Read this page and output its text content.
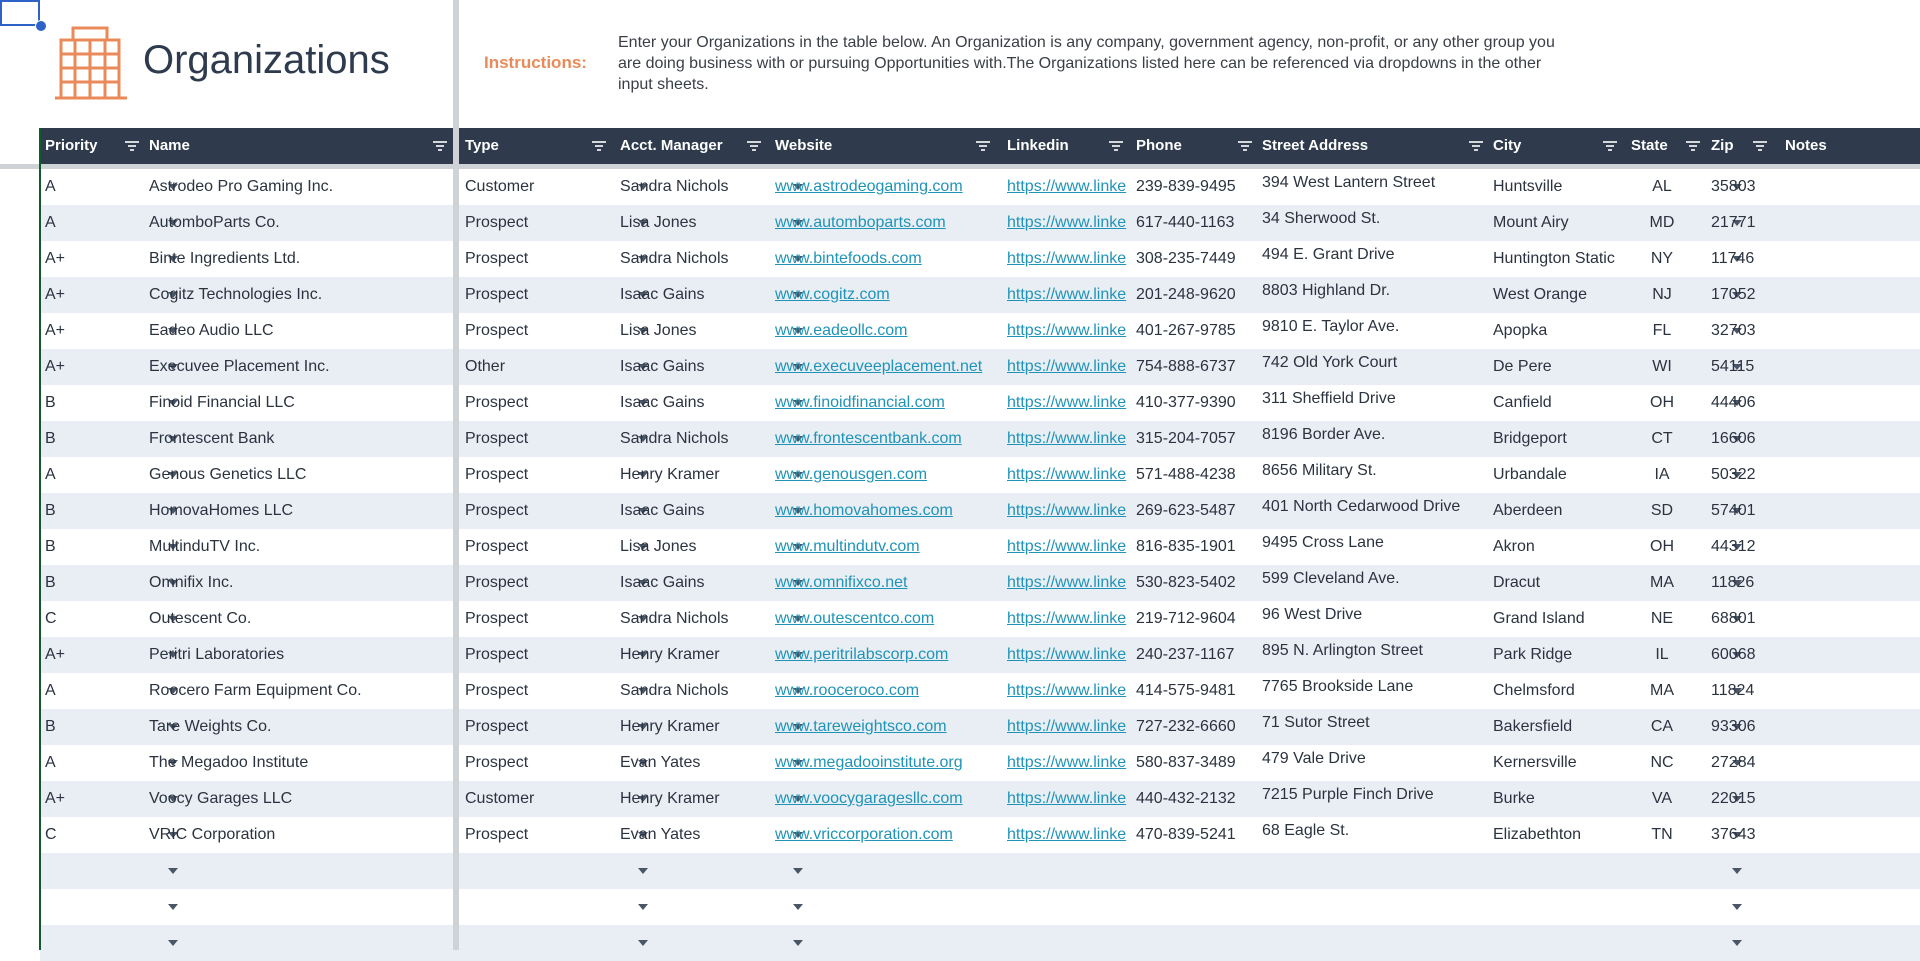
Organizations	Instructions:
Enter your Organizations in the table below. An Organization is any company, government agency, non-profit, or any other group you are doing business with or pursuing Opportunities with.The Organizations listed here can be referenced via dropdowns in the other input sheets.
Priority	Name	Type	Acct. Manager	Website	Linkedin	Phone	Street Address	City	State	Zip	Notes
A	Astrodeo Pro Gaming Inc.	Customer	Sandra Nichols	www.astrodeogaming.com	https://www.linke 239-839-9495	394 West Lantern Street	Huntsville	AL	35803
A	AutomboParts Co.	Prospect	Lisa Jones	www.automboparts.com	https://www.linke 617-440-1163	34 Sherwood St.	Mount Airy	MD	21771
A+	Binte Ingredients Ltd.	Prospect	Sandra Nichols	www.bintefoods.com	https://www.linke 308-235-7449	494 E. Grant Drive	Huntington Static	NY	11746
A+	Cogitz Technologies Inc.	Prospect	Isaac Gains	www.cogitz.com	https://www.linke 201-248-9620	8803 Highland Dr.	West Orange	NJ	17052
A+	Eadeo Audio LLC	Prospect	Lisa Jones	www.eadeollc.com	https://www.linke 401-267-9785	9810 E. Taylor Ave.	Apopka	FL	32703
A+	Execuvee Placement Inc.	Other	Isaac Gains	www.execuveeplacement.net	https://www.linke 754-888-6737	742 Old York Court	De Pere	WI	54115
B	Finoid Financial LLC	Prospect	Isaac Gains	www.finoidfinancial.com	https://www.linke 410-377-9390	311 Sheffield Drive	Canfield	OH	44406
B	Frontescent Bank	Prospect	Sandra Nichols	www.frontescentbank.com	https://www.linke 315-204-7057	8196 Border Ave.	Bridgeport	CT	16606
A	Genous Genetics LLC	Prospect	Henry Kramer	www.genousgen.com	https://www.linke 571-488-4238	8656 Military St.	Urbandale	IA	50322
B	HomovaHomes LLC	Prospect	Isaac Gains	www.homovahomes.com	https://www.linke 269-623-5487	401 North Cedarwood Drive	Aberdeen	SD	57401
B	MultinduTV Inc.	Prospect	Lisa Jones	www.multindutv.com	https://www.linke 816-835-1901	9495 Cross Lane	Akron	OH	44312
B	Omnifix Inc.	Prospect	Isaac Gains	www.omnifixco.net	https://www.linke 530-823-5402	599 Cleveland Ave.	Dracut	MA	11826
C	Outescent Co.	Prospect	Sandra Nichols	www.outescentco.com	https://www.linke 219-712-9604	96 West Drive	Grand Island	NE	68801
A+	Peritri Laboratories	Prospect	Henry Kramer	www.peritrilabscorp.com	https://www.linke 240-237-1167	895 N. Arlington Street	Park Ridge	IL	60068
A	Roocero Farm Equipment Co.	Prospect	Sandra Nichols	www.rooceroco.com	https://www.linke 414-575-9481	7765 Brookside Lane	Chelmsford	MA	11824
B	Tare Weights Co.	Prospect	Henry Kramer	www.tareweightsco.com	https://www.linke 727-232-6660	71 Sutor Street	Bakersfield	CA	93306
A	The Megadoo Institute	Prospect	Evan Yates	www.megadooinstitute.org	https://www.linke 580-837-3489	479 Vale Drive	Kernersville	NC	27284
A+	Voocy Garages LLC	Customer	Henry Kramer	www.voocygaragesllc.com	https://www.linke 440-432-2132	7215 Purple Finch Drive	Burke	VA	22015
C	VRIC Corporation	Prospect	Evan Yates	www.vriccorporation.com	https://www.linke 470-839-5241	68 Eagle St.	Elizabethton	TN	37643
